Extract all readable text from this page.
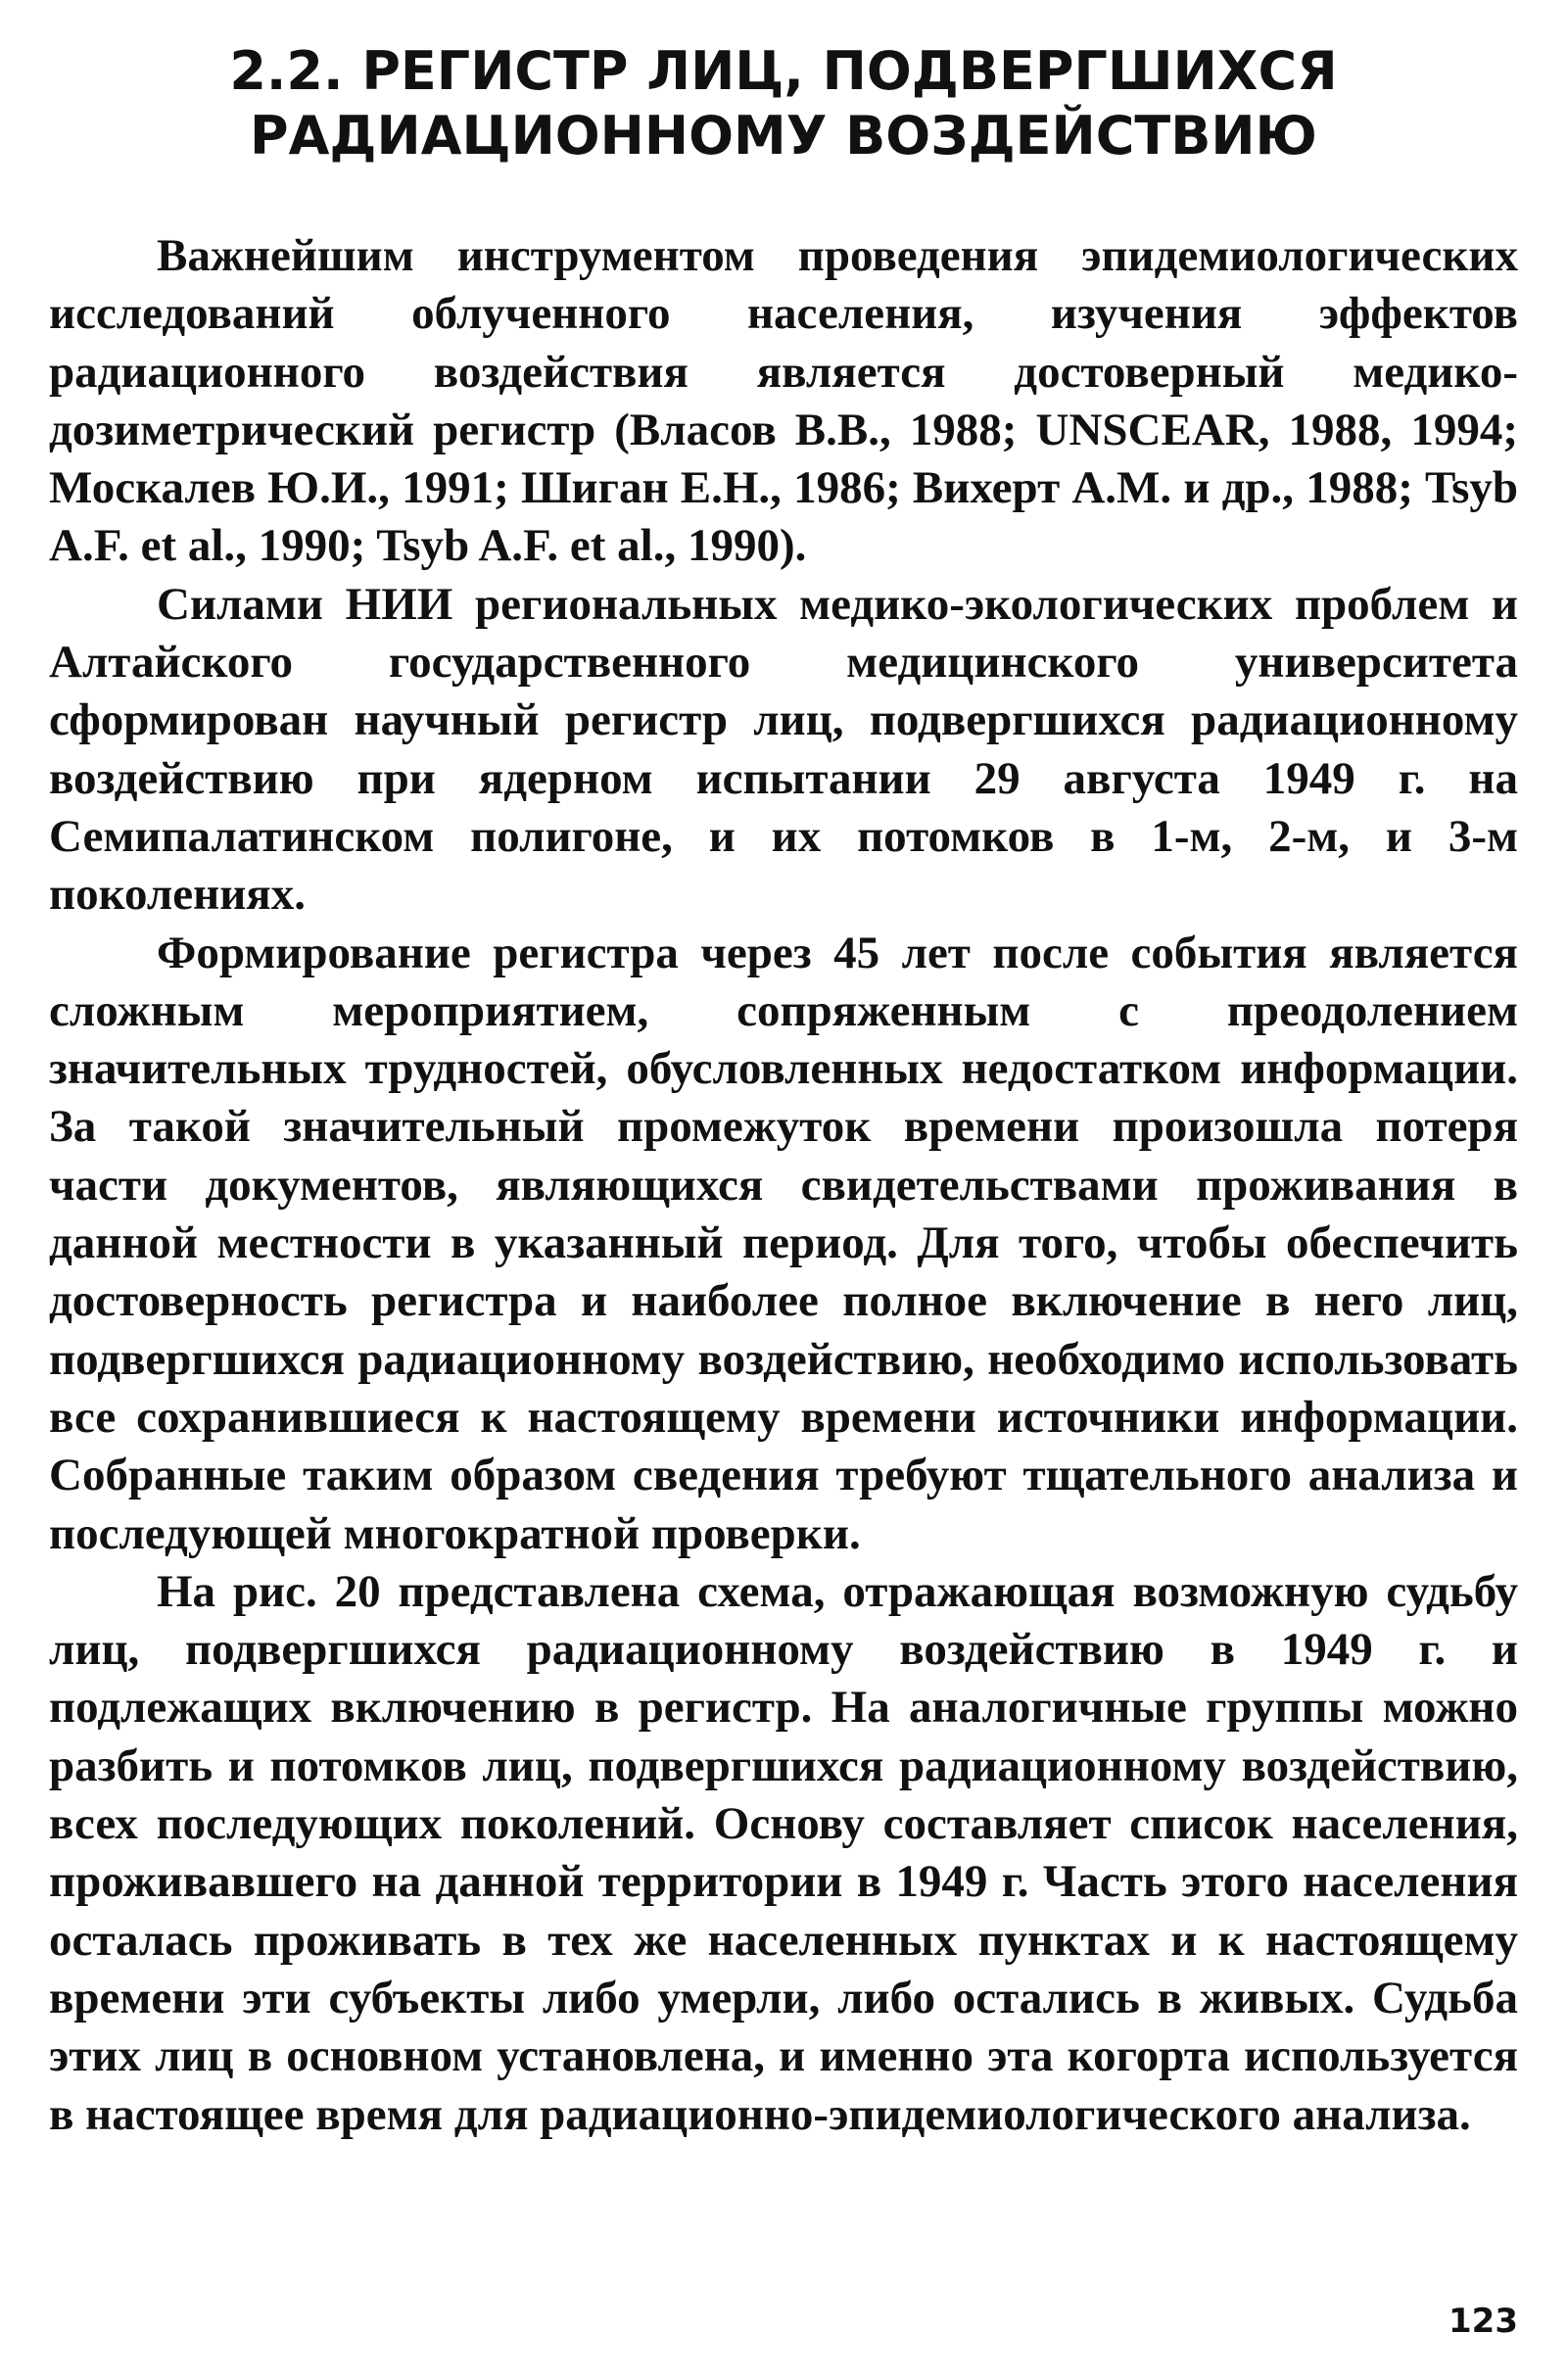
2.2. РЕГИСТР ЛИЦ, ПОДВЕРГШИХСЯ
РАДИАЦИОННОМУ ВОЗДЕЙСТВИЮ

Важнейшим инструментом проведения эпидемиологических исследований облученного населения, изучения эффектов радиационного воздействия является достоверный медико-дозиметрический регистр (Власов В.В., 1988; UNSCEAR, 1988, 1994; Москалев Ю.И., 1991; Шиган Е.Н., 1986; Вихерт А.М. и др., 1988; Tsyb A.F. et al., 1990; Tsyb A.F. et al., 1990).

Силами НИИ региональных медико-экологических проблем и Алтайского государственного медицинского университета сформирован научный регистр лиц, подвергшихся радиационному воздействию при ядерном испытании 29 августа 1949 г. на Семипалатинском полигоне, и их потомков в 1-м, 2-м, и 3-м поколениях.

Формирование регистра через 45 лет после события является сложным мероприятием, сопряженным с преодолением значительных трудностей, обусловленных недостатком информации. За такой значительный промежуток времени произошла потеря части документов, являющихся свидетельствами проживания в данной местности в указанный период. Для того, чтобы обеспечить достоверность регистра и наиболее полное включение в него лиц, подвергшихся радиационному воздействию, необходимо использовать все сохранившиеся к настоящему времени источники информации. Собранные таким образом сведения требуют тщательного анализа и последующей многократной проверки.

На рис. 20 представлена схема, отражающая возможную судьбу лиц, подвергшихся радиационному воздействию в 1949 г. и подлежащих включению в регистр. На аналогичные группы можно разбить и потомков лиц, подвергшихся радиационному воздействию, всех последующих поколений. Основу составляет список населения, проживавшего на данной территории в 1949 г. Часть этого населения осталась проживать в тех же населенных пунктах и к настоящему времени эти субъекты либо умерли, либо остались в живых. Судьба этих лиц в основном установлена, и именно эта когорта используется в настоящее время для радиационно-эпидемиологического анализа.

123
